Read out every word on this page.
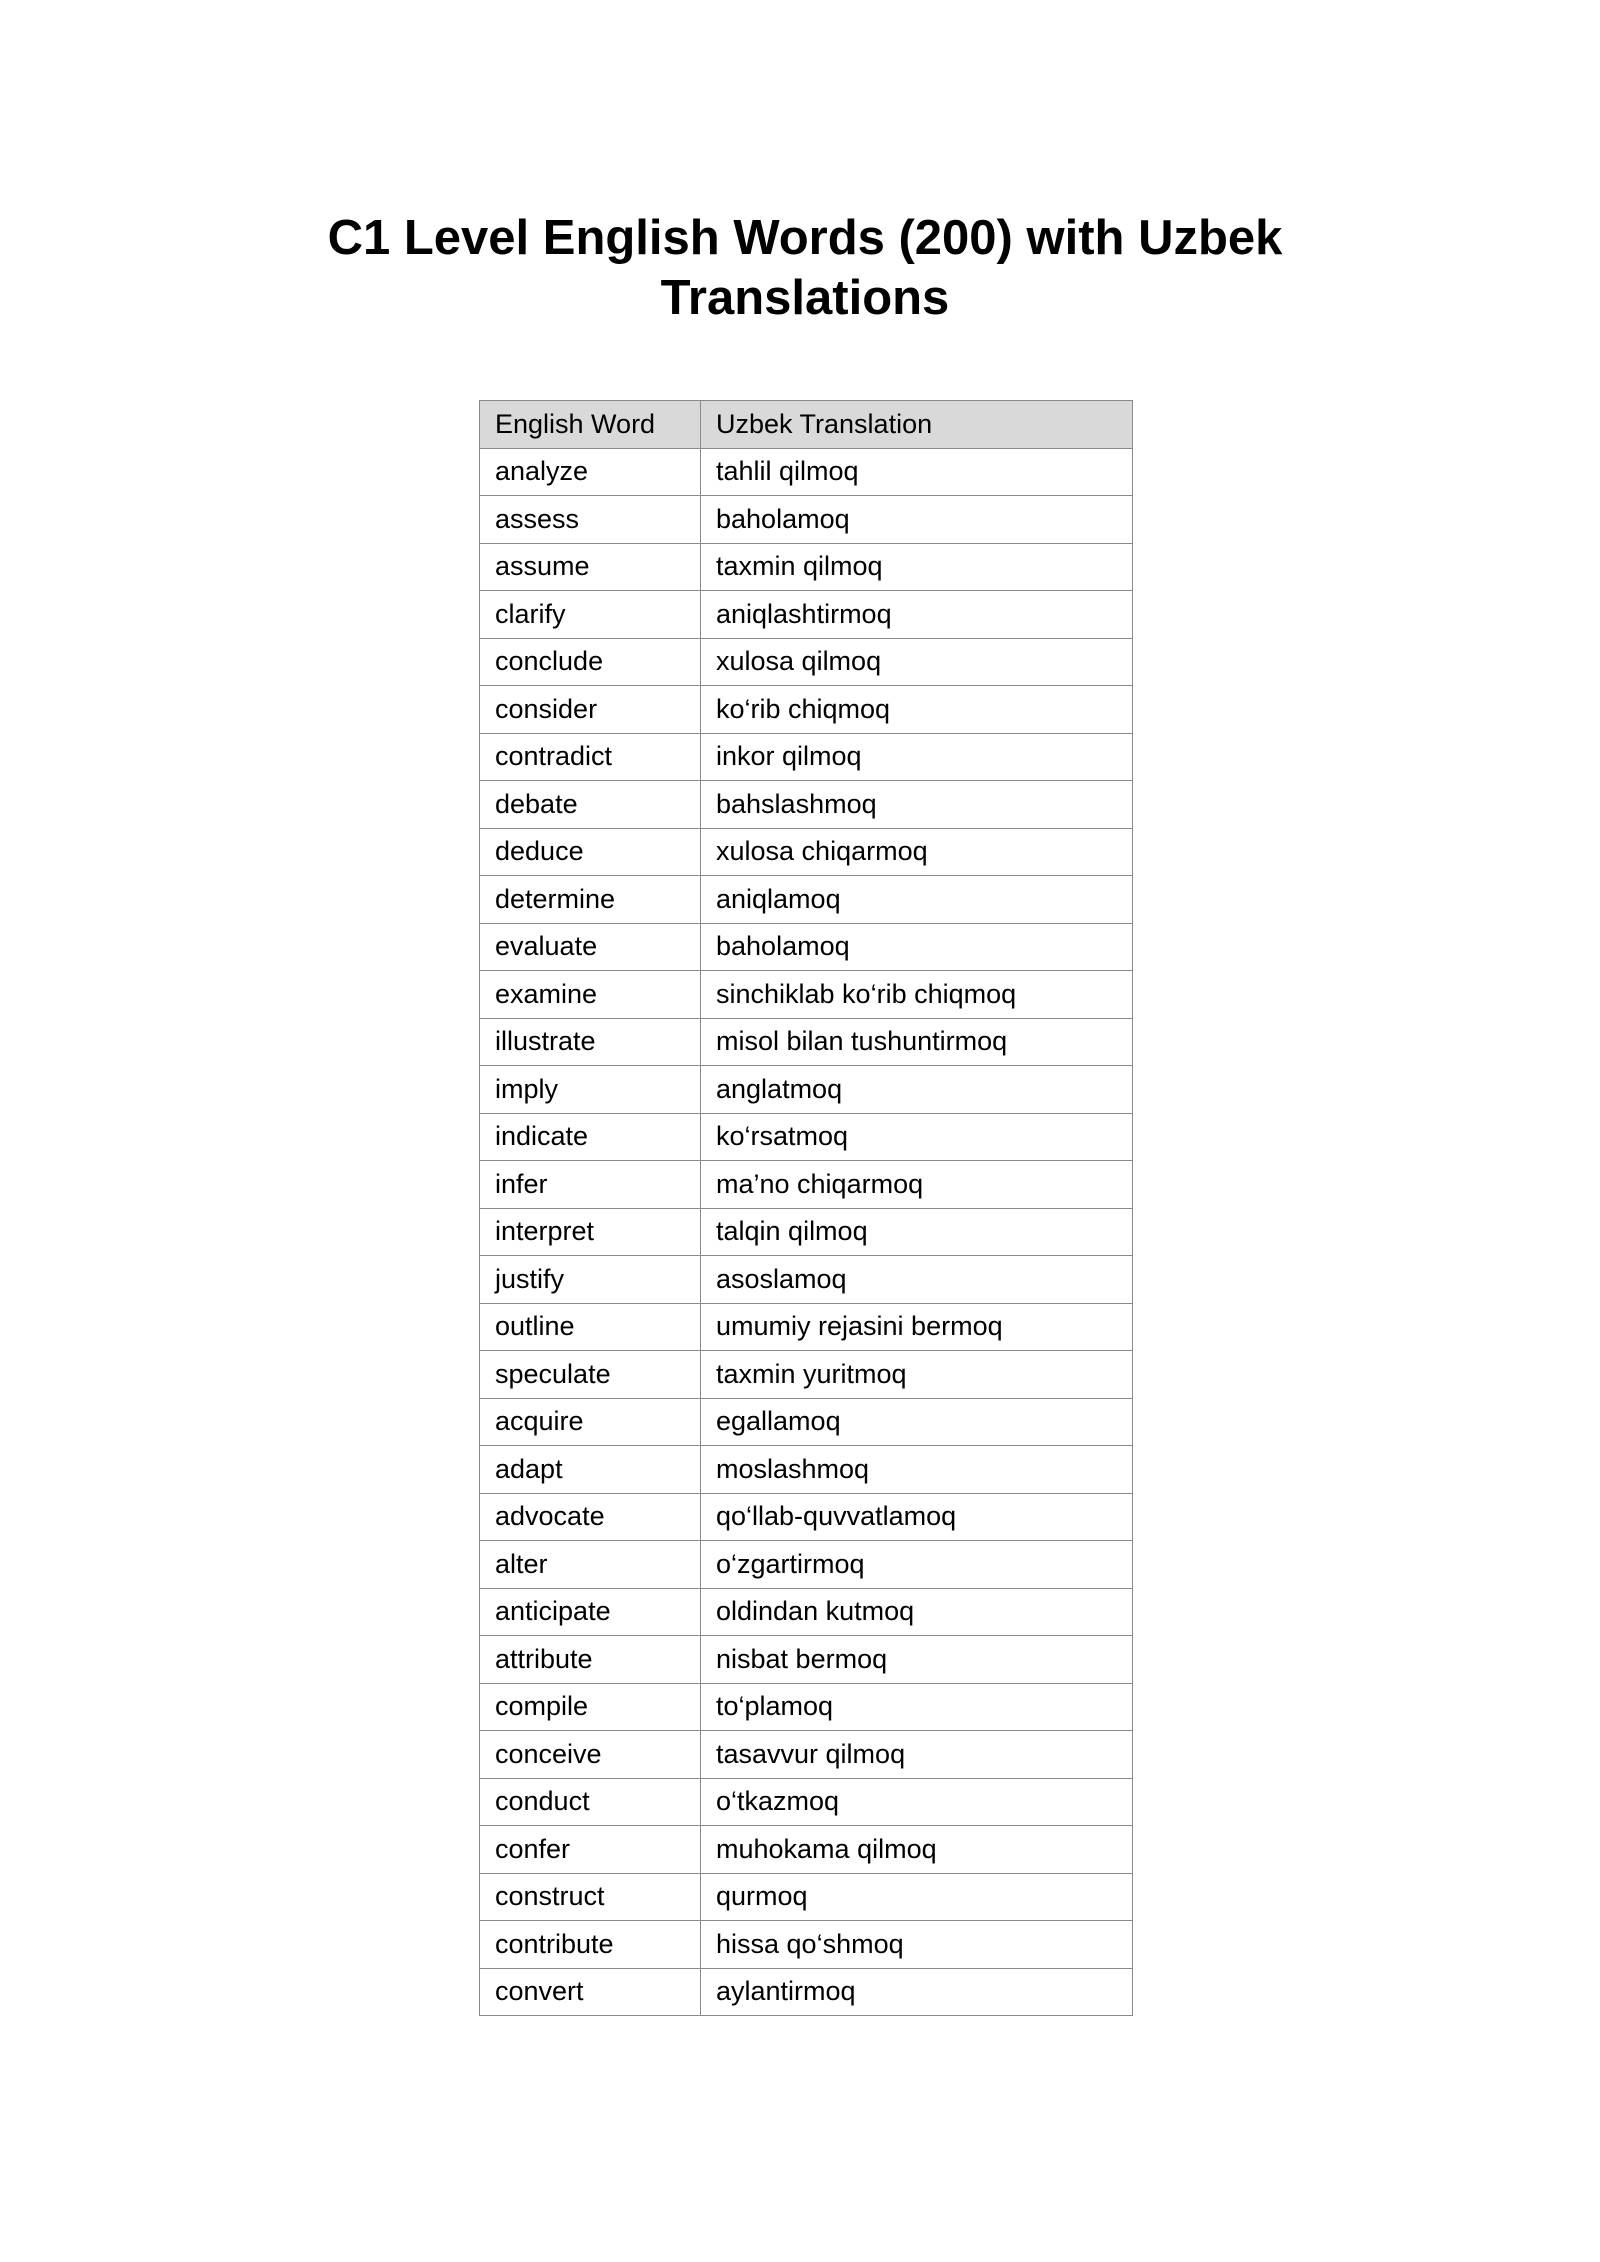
C1 Level English Words (200) with Uzbek Translations
English Word	Uzbek Translation
analyze	tahlil qilmoq
assess	baholamoq
assume	taxmin qilmoq
clarify	aniqlashtirmoq
conclude	xulosa qilmoq
consider	ko‘rib chiqmoq
contradict	inkor qilmoq
debate	bahslashmoq
deduce	xulosa chiqarmoq
determine	aniqlamoq
evaluate	baholamoq
examine	sinchiklab ko‘rib chiqmoq
illustrate	misol bilan tushuntirmoq
imply	anglatmoq
indicate	ko‘rsatmoq
infer	ma’no chiqarmoq
interpret	talqin qilmoq
justify	asoslamoq
outline	umumiy rejasini bermoq
speculate	taxmin yuritmoq
acquire	egallamoq
adapt	moslashmoq
advocate	qo‘llab-quvvatlamoq
alter	o‘zgartirmoq
anticipate	oldindan kutmoq
attribute	nisbat bermoq
compile	to‘plamoq
conceive	tasavvur qilmoq
conduct	o‘tkazmoq
confer	muhokama qilmoq
construct	qurmoq
contribute	hissa qo‘shmoq
convert	aylantirmoq
